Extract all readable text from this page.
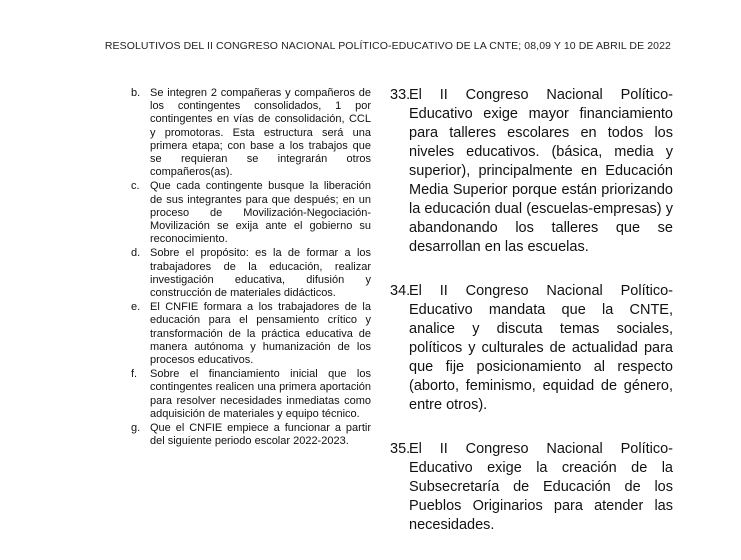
RESOLUTIVOS DEL II CONGRESO NACIONAL POLÍTICO-EDUCATIVO DE LA CNTE; 08,09 Y 10 DE ABRIL DE 2022
b. Se integren 2 compañeras y compañeros de los contingentes consolidados, 1 por contingentes en vías de consolidación, CCL y promotoras. Esta estructura será una primera etapa; con base a los trabajos que se requieran se integrarán otros compañeros(as).
c. Que cada contingente busque la liberación de sus integrantes para que después; en un proceso de Movilización-Negociación-Movilización se exija ante el gobierno su reconocimiento.
d. Sobre el propósito: es la de formar a los trabajadores de la educación, realizar investigación educativa, difusión y construcción de materiales didácticos.
e. El CNFIE formara a los trabajadores de la educación para el pensamiento crítico y transformación de la práctica educativa de manera autónoma y humanización de los procesos educativos.
f.	Sobre el financiamiento inicial que los contingentes realicen una primera aportación para resolver necesidades inmediatas como adquisición de materiales y equipo técnico.
g. Que el CNFIE empiece a funcionar a partir del siguiente periodo escolar 2022-2023.
33.
El II Congreso Nacional Político-Educativo exige mayor financiamiento para talleres escolares en todos los niveles educativos. (básica, media y superior), principalmente en Educación Media Superior porque están priorizando la educación dual (escuelas-empresas) y abandonando los talleres que se desarrollan en las escuelas.
34.
El II Congreso Nacional Político-Educativo mandata que la CNTE, analice y discuta temas sociales, políticos y culturales de actualidad para que fije posicionamiento al respecto (aborto, feminismo, equidad de género, entre otros).
35.
El II Congreso Nacional Político-Educativo exige la creación de la Subsecretaría de Educación de los Pueblos Originarios para atender las necesidades.
